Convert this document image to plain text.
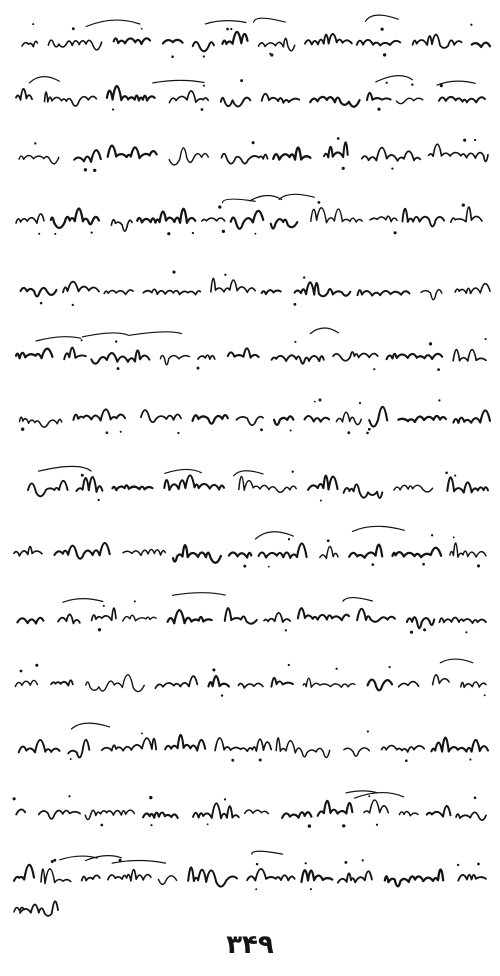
۳۴۹
